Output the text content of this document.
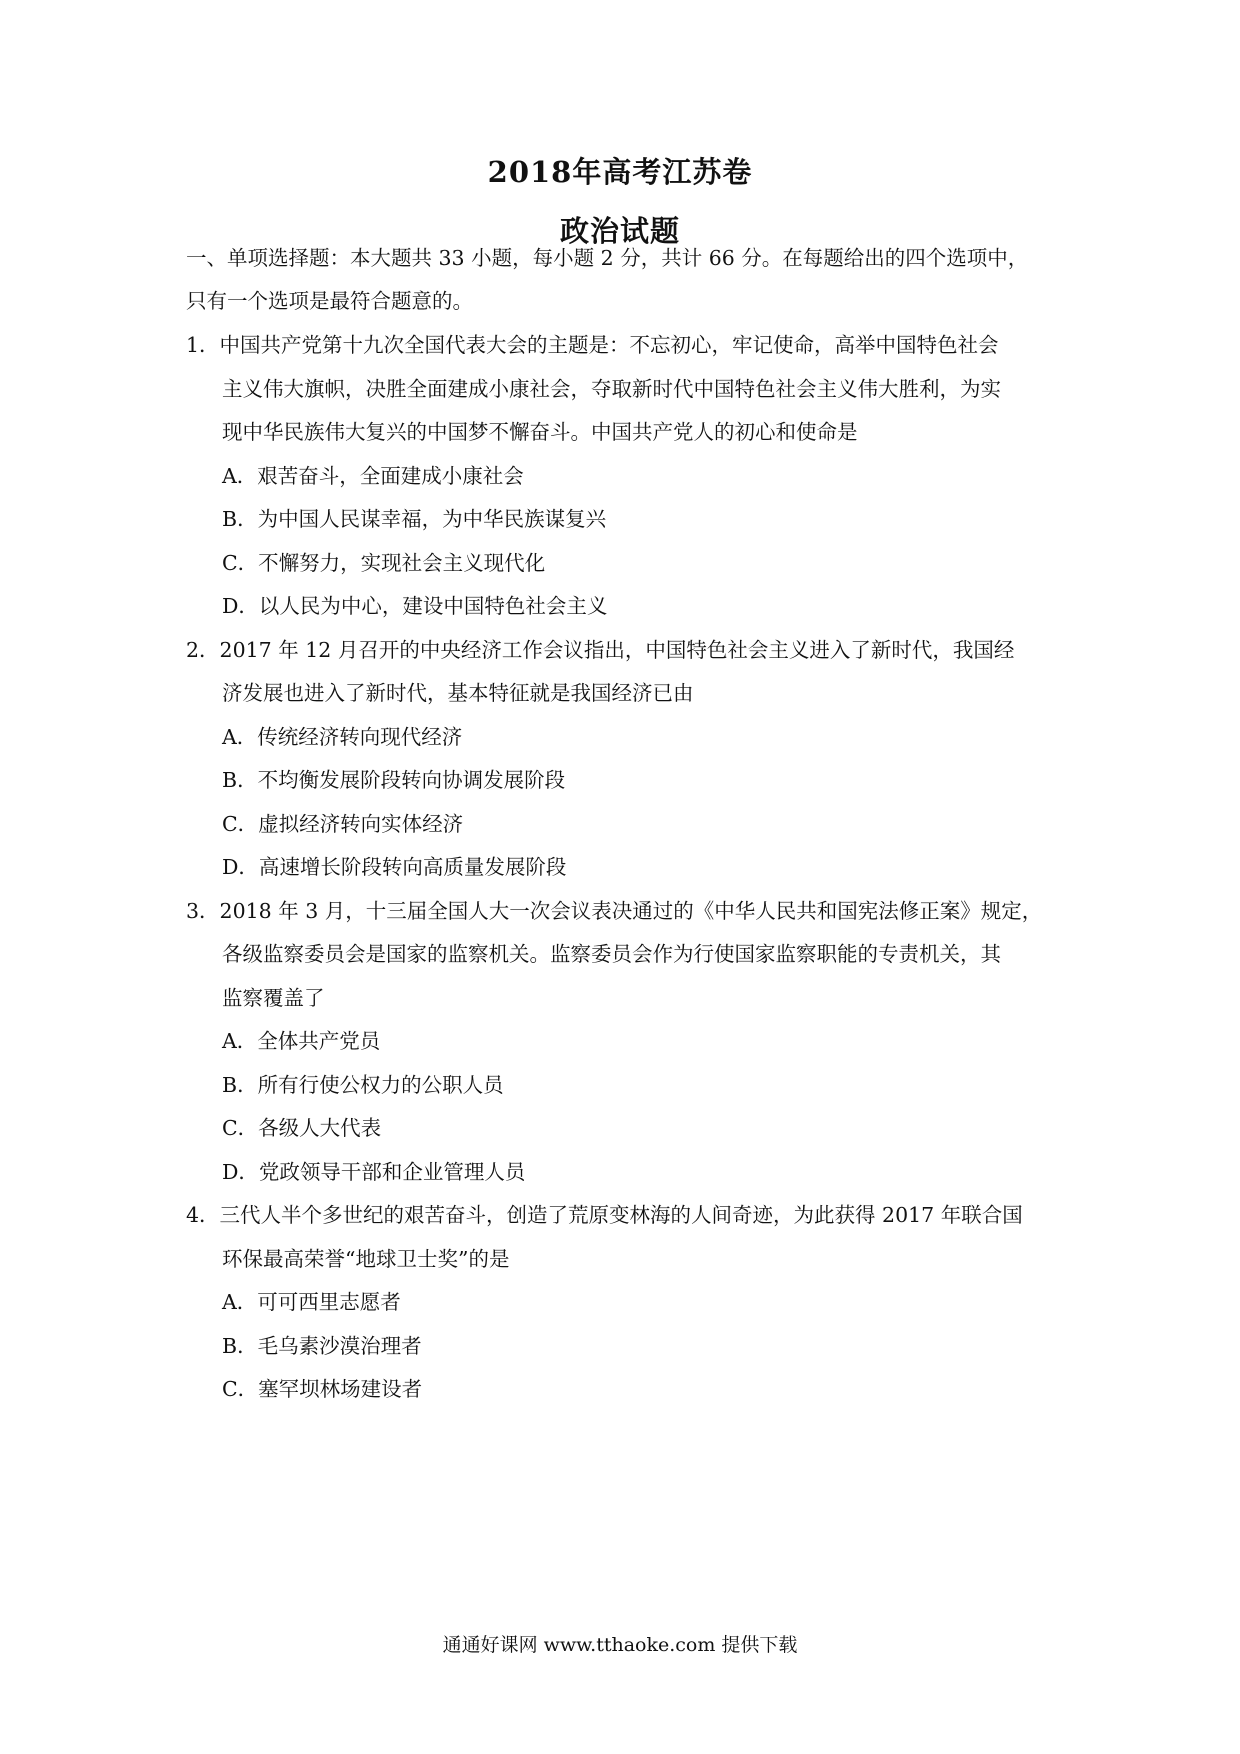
2018年高考江苏卷
政治试题
一、单项选择题：本大题共 33 小题，每小题 2 分，共计 66 分。在每题给出的四个选项中，
只有一个选项是最符合题意的。
1．中国共产党第十九次全国代表大会的主题是：不忘初心，牢记使命，高举中国特色社会
主义伟大旗帜，决胜全面建成小康社会，夺取新时代中国特色社会主义伟大胜利，为实
现中华民族伟大复兴的中国梦不懈奋斗。中国共产党人的初心和使命是
A．艰苦奋斗，全面建成小康社会
B．为中国人民谋幸福，为中华民族谋复兴
C．不懈努力，实现社会主义现代化
D．以人民为中心，建设中国特色社会主义
2．2017 年 12 月召开的中央经济工作会议指出，中国特色社会主义进入了新时代，我国经
济发展也进入了新时代，基本特征就是我国经济已由
A．传统经济转向现代经济
B．不均衡发展阶段转向协调发展阶段
C．虚拟经济转向实体经济
D．高速增长阶段转向高质量发展阶段
3．2018 年 3 月，十三届全国人大一次会议表决通过的《中华人民共和国宪法修正案》规定，
各级监察委员会是国家的监察机关。监察委员会作为行使国家监察职能的专责机关，其
监察覆盖了
A．全体共产党员
B．所有行使公权力的公职人员
C．各级人大代表
D．党政领导干部和企业管理人员
4．三代人半个多世纪的艰苦奋斗，创造了荒原变林海的人间奇迹，为此获得 2017 年联合国
环保最高荣誉“地球卫士奖”的是
A．可可西里志愿者
B．毛乌素沙漠治理者
C．塞罕坝林场建设者
通通好课网 www.tthaoke.com 提供下载
